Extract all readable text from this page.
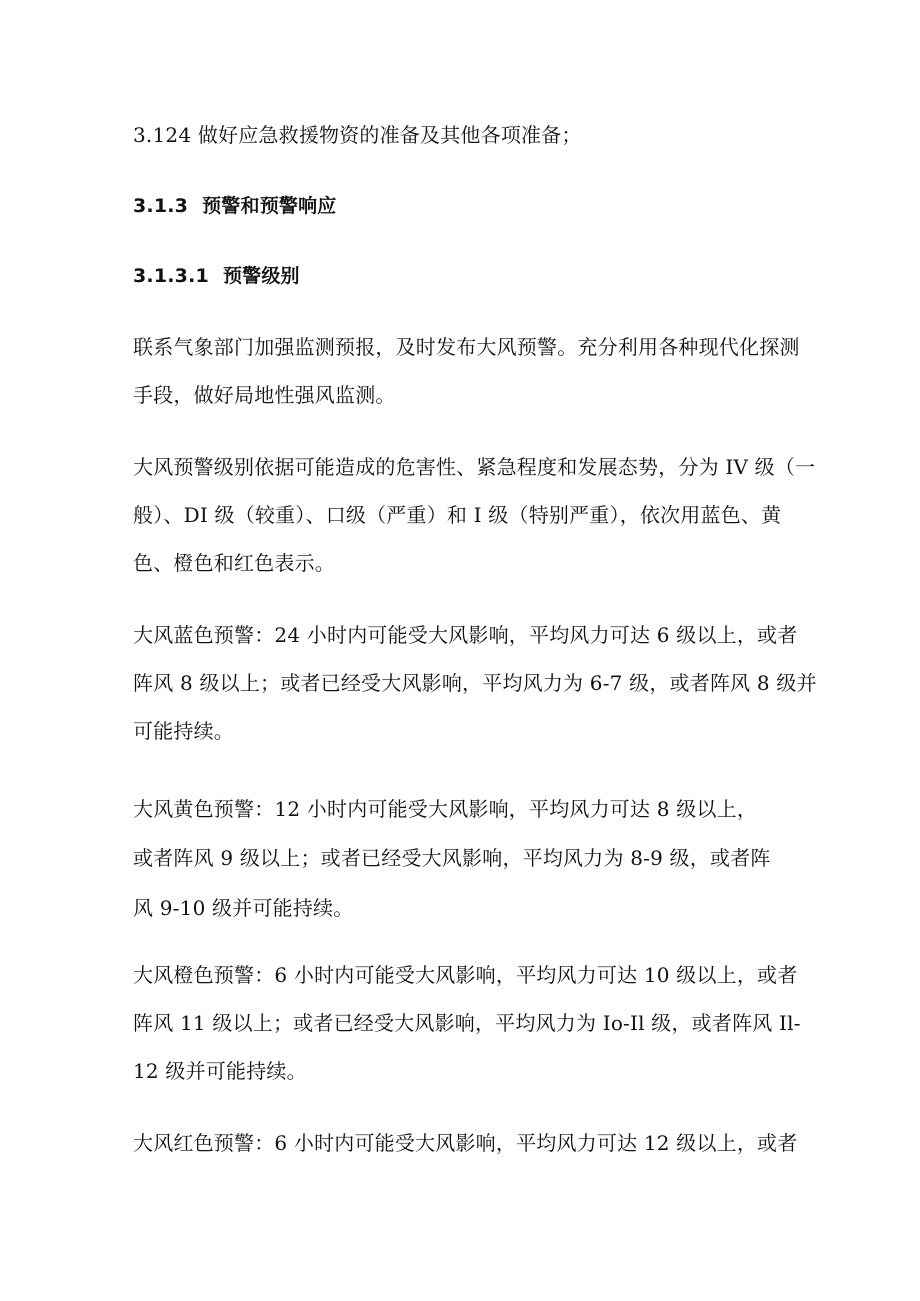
3.124 做好应急救援物资的准备及其他各项准备；
3.1.3 预警和预警响应
3.1.3.1 预警级别
联系气象部门加强监测预报，及时发布大风预警。充分利用各种现代化探测
手段，做好局地性强风监测。
大风预警级别依据可能造成的危害性、紧急程度和发展态势，分为 IV 级（一
般）、DI 级（较重）、口级（严重）和 I 级（特别严重），依次用蓝色、黄
色、橙色和红色表示。
大风蓝色预警：24 小时内可能受大风影响，平均风力可达 6 级以上，或者
阵风 8 级以上；或者已经受大风影响，平均风力为 6-7 级，或者阵风 8 级并
可能持续。
大风黄色预警：12 小时内可能受大风影响，平均风力可达 8 级以上，
或者阵风 9 级以上；或者已经受大风影响，平均风力为 8-9 级，或者阵
风 9-10 级并可能持续。
大风橙色预警：6 小时内可能受大风影响，平均风力可达 10 级以上，或者
阵风 11 级以上；或者已经受大风影响，平均风力为 Io-Il 级，或者阵风 Il-
12 级并可能持续。
大风红色预警：6 小时内可能受大风影响，平均风力可达 12 级以上，或者
